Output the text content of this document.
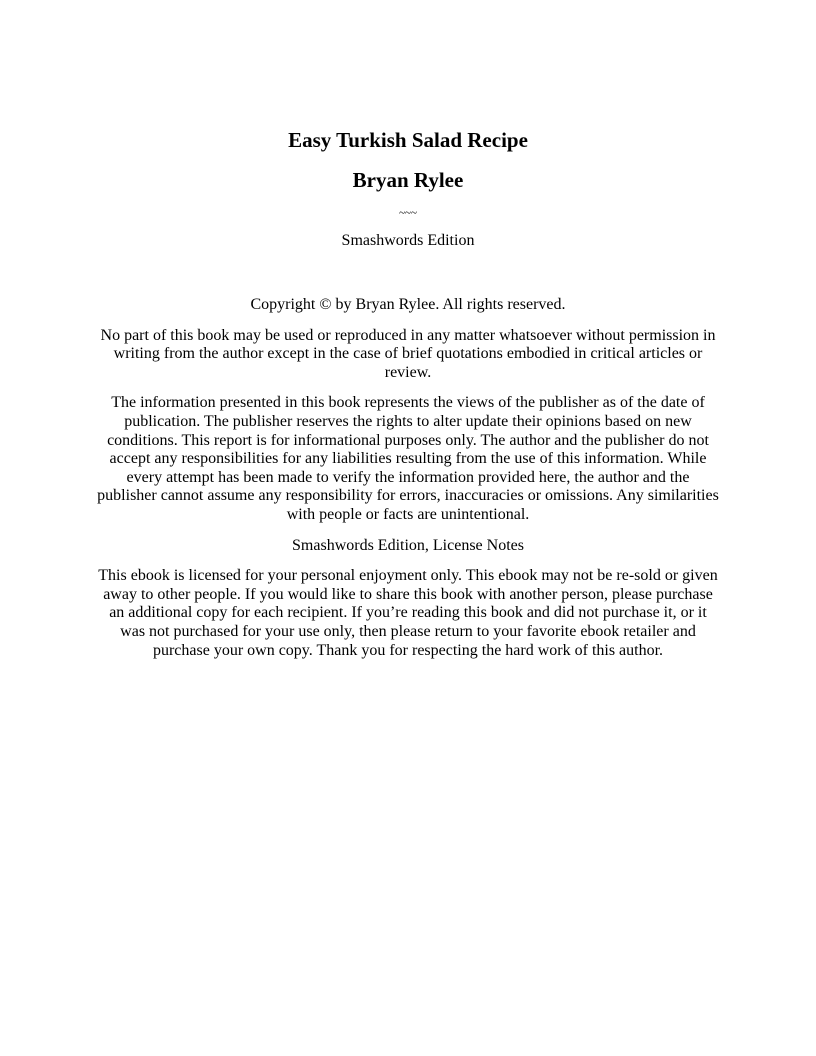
Easy Turkish Salad Recipe
Bryan Rylee
~~~
Smashwords Edition

Copyright © by Bryan Rylee. All rights reserved.

No part of this book may be used or reproduced in any matter whatsoever without permission in writing from the author except in the case of brief quotations embodied in critical articles or review.

The information presented in this book represents the views of the publisher as of the date of publication. The publisher reserves the rights to alter update their opinions based on new conditions. This report is for informational purposes only. The author and the publisher do not accept any responsibilities for any liabilities resulting from the use of this information. While every attempt has been made to verify the information provided here, the author and the publisher cannot assume any responsibility for errors, inaccuracies or omissions. Any similarities with people or facts are unintentional.

Smashwords Edition, License Notes

This ebook is licensed for your personal enjoyment only. This ebook may not be re-sold or given away to other people. If you would like to share this book with another person, please purchase an additional copy for each recipient. If you’re reading this book and did not purchase it, or it was not purchased for your use only, then please return to your favorite ebook retailer and purchase your own copy. Thank you for respecting the hard work of this author.
